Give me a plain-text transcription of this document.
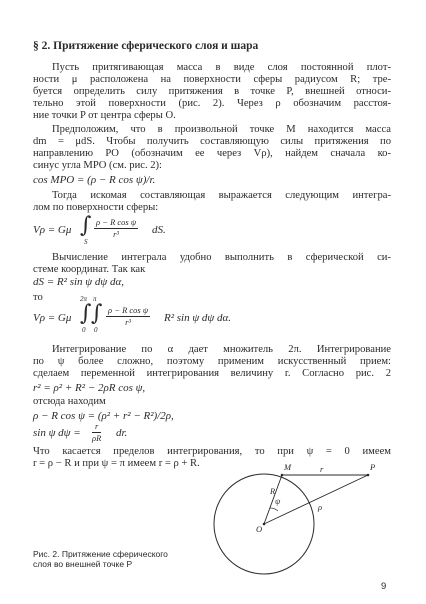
§ 2. Притяжение сферического слоя и шара
Пусть притягивающая масса в виде слоя постоянной плот-
ности μ расположена на поверхности сферы радиусом R; тре-
буется определить силу притяжения в точке P, внешней относи-
тельно этой поверхности (рис. 2). Через ρ обозначим расстоя-
ние точки P от центра сферы O.
Предположим, что в произвольной точке M находится масса
dm = μdS. Чтобы получить составляющую силы притяжения по
направлению PO (обозначим ее через Vρ), найдем сначала ко-
синус угла MPO (см. рис. 2):
cos MPO = (ρ − R cos ψ)/r.
Тогда искомая составляющая выражается следующим интегра-
лом по поверхности сферы:
Vρ = Gμ ∫
S
$\frac{\text{ρ − R cos ψ}}{\text{r³}}$ dS.
Вычисление интеграла удобно выполнить в сферической си-
стеме координат. Так как
dS = R² sin ψ dψ dα,
то
Vρ = Gμ
2π π
∫ ∫
0 0
$\frac{\text{ρ − R cos ψ}}{\text{r³}} R^2$ sin ψ dψ dα.
Интегрирование по α дает множитель 2π. Интегрирование
по ψ более сложно, поэтому применим искусственный прием:
сделаем переменной интегрирования величину r. Согласно рис. 2
r² = ρ² + R² − 2ρR cos ψ,
отсюда находим
ρ − R cos ψ = (ρ² + r² − R²)/2ρ,
sin ψ $d\psi = \frac{r}{\rho R}$ dr.
Что касается пределов интегрирования, то при ψ = 0 имеем
r = ρ − R и при ψ = π имеем r = ρ + R.	M	r	P
ψ
R
ρ
O
Рис. 2. Притяжение сферического слоя во внешней точке P
9
